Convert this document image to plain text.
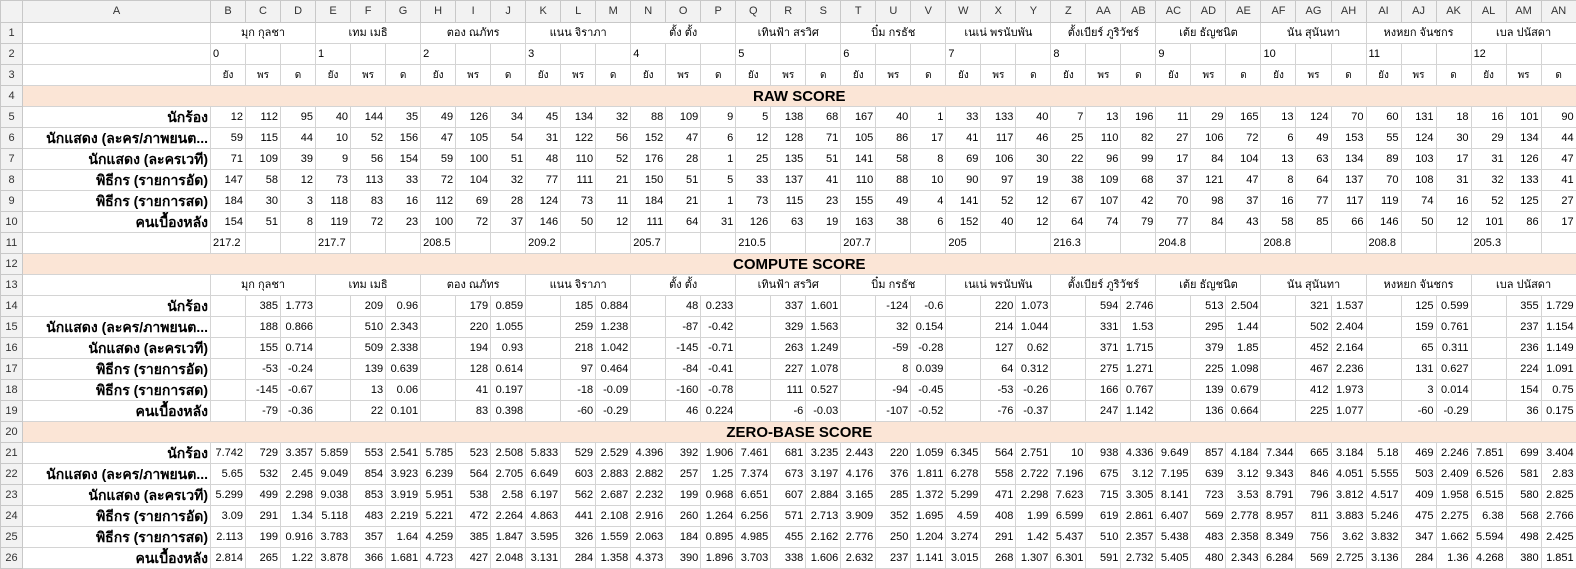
	A	B	C	D	E	F	G	H	I	J	K	L	M	N	O	P	Q	R	S	T	U	V	W	X	Y	Z	AA	AB	AC	AD	AE	AF	AG	AH	AI	AJ	AK	AL	AM	AN
1		มุก กุลชา			เทม เมธิ			ตอง ณภัทร			แนน จิราภา			ตั้ง ตั้ง			เทินฟ้า สรวิศ			บิ๋ม กรธัช			เนเน่ พรนับพัน			ตั้งเบียร์ ภูริวัชร์			เต้ย ธัญชนิต			นัน สุนันทา			หงหยก จันชกร			เบล ปนัสดา		
2		0			1			2			3			4			5			6			7			8			9			10			11			12		
3		ยัง	พร	ด	ยัง	พร	ด	ยัง	พร	ด	ยัง	พร	ด	ยัง	พร	ด	ยัง	พร	ด	ยัง	พร	ด	ยัง	พร	ด	ยัง	พร	ด	ยัง	พร	ด	ยัง	พร	ด	ยัง	พร	ด	ยัง	พร	ด
4	RAW SCORE																																							
5	นักร้อง	12	112	95	40	144	35	49	126	34	45	134	32	88	109	9	5	138	68	167	40	1	33	133	40	7	13	196	11	29	165	13	124	70	60	131	18	16	101	90
6	นักแสดง (ละคร/ภาพยนต...	59	115	44	10	52	156	47	105	54	31	122	56	152	47	6	12	128	71	105	86	17	41	117	46	25	110	82	27	106	72	6	49	153	55	124	30	29	134	44
7	นักแสดง (ละครเวที)	71	109	39	9	56	154	59	100	51	48	110	52	176	28	1	25	135	51	141	58	8	69	106	30	22	96	99	17	84	104	13	63	134	89	103	17	31	126	47
8	พิธีกร (รายการอัด)	147	58	12	73	113	33	72	104	32	77	111	21	150	51	5	33	137	41	110	88	10	90	97	19	38	109	68	37	121	47	8	64	137	70	108	31	32	133	41
9	พิธีกร (รายการสด)	184	30	3	118	83	16	112	69	28	124	73	11	184	21	1	73	115	23	155	49	4	141	52	12	67	107	42	70	98	37	16	77	117	119	74	16	52	125	27
10	คนเบื้องหลัง	154	51	8	119	72	23	100	72	37	146	50	12	111	64	31	126	63	19	163	38	6	152	40	12	64	74	79	77	84	43	58	85	66	146	50	12	101	86	17
11		217.2			217.7			208.5			209.2			205.7			210.5			207.7			205			216.3			204.8			208.8			208.8			205.3		
12	COMPUTE SCORE																																							
13		มุก กุลชา			เทม เมธิ			ตอง ณภัทร			แนน จิราภา			ตั้ง ตั้ง			เทินฟ้า สรวิศ			บิ๋ม กรธัช			เนเน่ พรนับพัน			ตั้งเบียร์ ภูริวัชร์			เต้ย ธัญชนิต			นัน สุนันทา			หงหยก จันชกร			เบล ปนัสดา		
14	นักร้อง		385	1.773		209	0.96		179	0.859		185	0.884		48	0.233		337	1.601		-124	-0.6		220	1.073		594	2.746		513	2.504		321	1.537		125	0.599		355	1.729
15	นักแสดง (ละคร/ภาพยนต...		188	0.866		510	2.343		220	1.055		259	1.238		-87	-0.42		329	1.563		32	0.154		214	1.044		331	1.53		295	1.44		502	2.404		159	0.761		237	1.154
16	นักแสดง (ละครเวที)		155	0.714		509	2.338		194	0.93		218	1.042		-145	-0.71		263	1.249		-59	-0.28		127	0.62		371	1.715		379	1.85		452	2.164		65	0.311		236	1.149
17	พิธีกร (รายการอัด)		-53	-0.24		139	0.639		128	0.614		97	0.464		-84	-0.41		227	1.078		8	0.039		64	0.312		275	1.271		225	1.098		467	2.236		131	0.627		224	1.091
18	พิธีกร (รายการสด)		-145	-0.67		13	0.06		41	0.197		-18	-0.09		-160	-0.78		111	0.527		-94	-0.45		-53	-0.26		166	0.767		139	0.679		412	1.973		3	0.014		154	0.75
19	คนเบื้องหลัง		-79	-0.36		22	0.101		83	0.398		-60	-0.29		46	0.224		-6	-0.03		-107	-0.52		-76	-0.37		247	1.142		136	0.664		225	1.077		-60	-0.29		36	0.175
20	ZERO-BASE SCORE																																							
21	นักร้อง	7.742	729	3.357	5.859	553	2.541	5.785	523	2.508	5.833	529	2.529	4.396	392	1.906	7.461	681	3.235	2.443	220	1.059	6.345	564	2.751	10	938	4.336	9.649	857	4.184	7.344	665	3.184	5.18	469	2.246	7.851	699	3.404
22	นักแสดง (ละคร/ภาพยนต...	5.65	532	2.45	9.049	854	3.923	6.239	564	2.705	6.649	603	2.883	2.882	257	1.25	7.374	673	3.197	4.176	376	1.811	6.278	558	2.722	7.196	675	3.12	7.195	639	3.12	9.343	846	4.051	5.555	503	2.409	6.526	581	2.83
23	นักแสดง (ละครเวที)	5.299	499	2.298	9.038	853	3.919	5.951	538	2.58	6.197	562	2.687	2.232	199	0.968	6.651	607	2.884	3.165	285	1.372	5.299	471	2.298	7.623	715	3.305	8.141	723	3.53	8.791	796	3.812	4.517	409	1.958	6.515	580	2.825
24	พิธีกร (รายการอัด)	3.09	291	1.34	5.118	483	2.219	5.221	472	2.264	4.863	441	2.108	2.916	260	1.264	6.256	571	2.713	3.909	352	1.695	4.59	408	1.99	6.599	619	2.861	6.407	569	2.778	8.957	811	3.883	5.246	475	2.275	6.38	568	2.766
25	พิธีกร (รายการสด)	2.113	199	0.916	3.783	357	1.64	4.259	385	1.847	3.595	326	1.559	2.063	184	0.895	4.985	455	2.162	2.776	250	1.204	3.274	291	1.42	5.437	510	2.357	5.438	483	2.358	8.349	756	3.62	3.832	347	1.662	5.594	498	2.425
26	คนเบื้องหลัง	2.814	265	1.22	3.878	366	1.681	4.723	427	2.048	3.131	284	1.358	4.373	390	1.896	3.703	338	1.606	2.632	237	1.141	3.015	268	1.307	6.301	591	2.732	5.405	480	2.343	6.284	569	2.725	3.136	284	1.36	4.268	380	1.851
